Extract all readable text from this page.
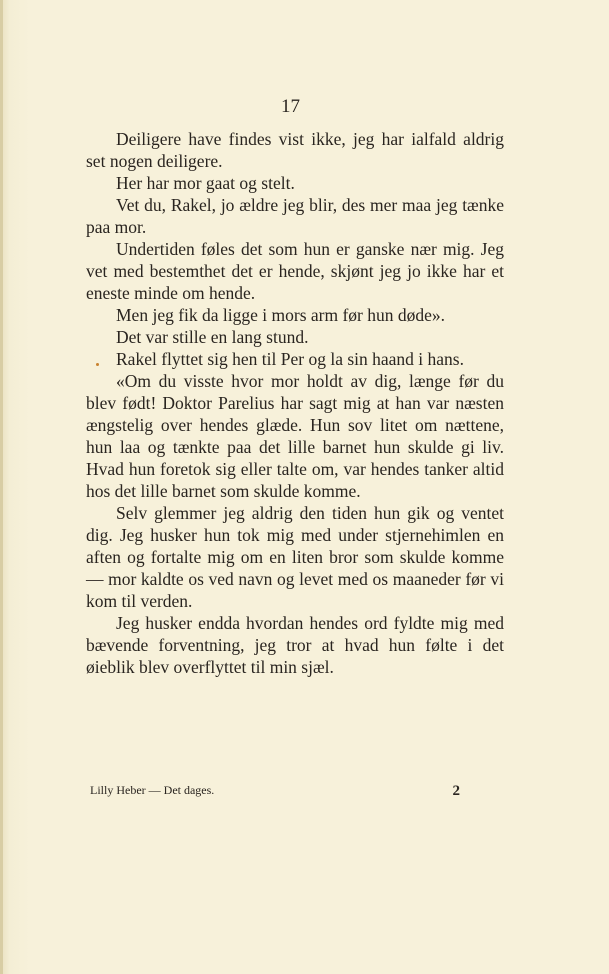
17

Deiligere have findes vist ikke, jeg har ialfald aldrig set nogen deiligere.

Her har mor gaat og stelt.

Vet du, Rakel, jo ældre jeg blir, des mer maa jeg tænke paa mor.

Undertiden føles det som hun er ganske nær mig. Jeg vet med bestemthet det er hende, skjønt jeg jo ikke har et eneste minde om hende.

Men jeg fik da ligge i mors arm før hun døde».

Det var stille en lang stund.

Rakel flyttet sig hen til Per og la sin haand i hans.

«Om du visste hvor mor holdt av dig, længe før du blev født! Doktor Parelius har sagt mig at han var næsten ængstelig over hendes glæde. Hun sov litet om nættene, hun laa og tænkte paa det lille barnet hun skulde gi liv. Hvad hun foretok sig eller talte om, var hendes tanker altid hos det lille barnet som skulde komme.

Selv glemmer jeg aldrig den tiden hun gik og ventet dig. Jeg husker hun tok mig med under stjernehimlen en aften og fortalte mig om en liten bror som skulde komme — mor kaldte os ved navn og levet med os maaneder før vi kom til verden.

Jeg husker endda hvordan hendes ord fyldte mig med bævende forventning, jeg tror at hvad hun følte i det øieblik blev overflyttet til min sjæl.

Lilly Heber — Det dages.	2
